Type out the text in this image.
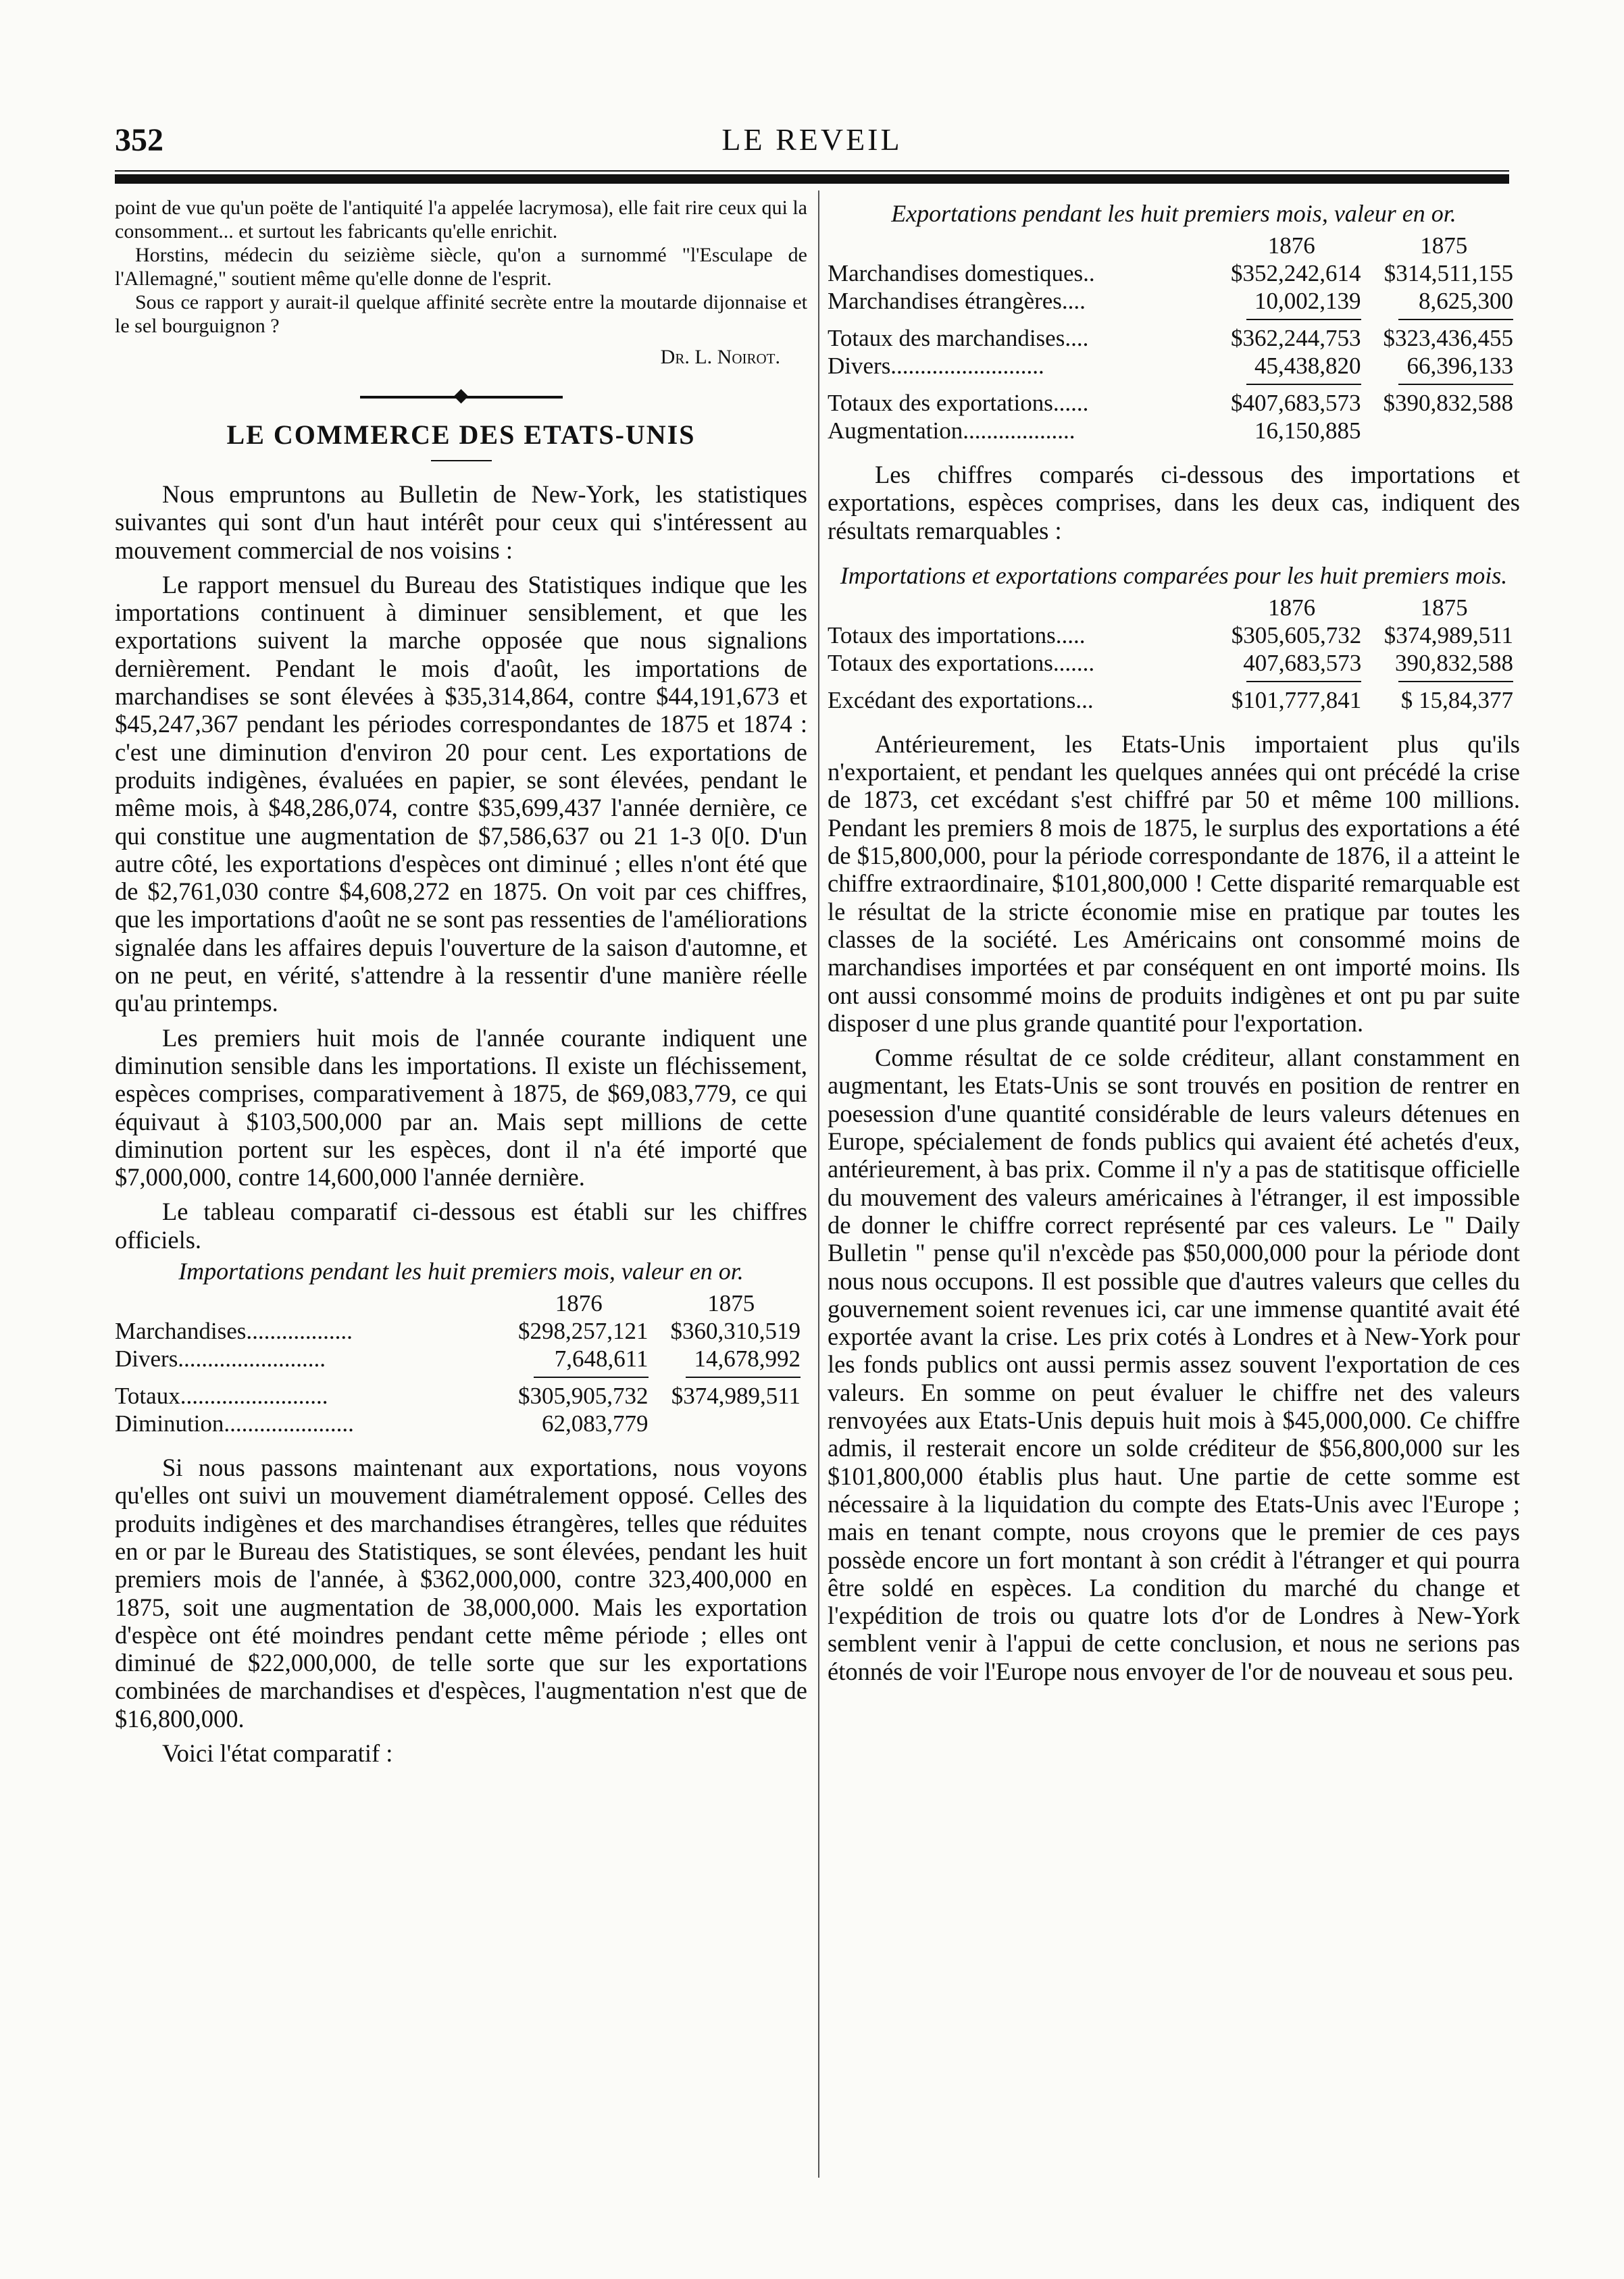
352	LE REVEIL

point de vue qu'un poëte de l'antiquité l'a appelée lacrymosa), elle fait rire ceux qui la consomment... et surtout les fabricants qu'elle enrichit.

Horstins, médecin du seizième siècle, qu'on a surnommé "l'Esculape de l'Allemagné," soutient même qu'elle donne de l'esprit.

Sous ce rapport y aurait-il quelque affinité secrète entre la moutarde dijonnaise et le sel bourguignon ?

Dr. L. Noirot.
◆
LE COMMERCE DES ETATS-UNIS

Nous empruntons au Bulletin de New-York, les statistiques suivantes qui sont d'un haut intérêt pour ceux qui s'intéressent au mouvement commercial de nos voisins :

Le rapport mensuel du Bureau des Statistiques indique que les importations continuent à diminuer sensiblement, et que les exportations suivent la marche opposée que nous signalions dernièrement. Pendant le mois d'août, les importations de marchandises se sont élevées à $35,314,864, contre $44,191,673 et $45,247,367 pendant les périodes correspondantes de 1875 et 1874 : c'est une diminution d'environ 20 pour cent. Les exportations de produits indigènes, évaluées en papier, se sont élevées, pendant le même mois, à $48,286,074, contre $35,699,437 l'année dernière, ce qui constitue une augmentation de $7,586,637 ou 21 1-3 0[0. D'un autre côté, les exportations d'espèces ont diminué ; elles n'ont été que de $2,761,030 contre $4,608,272 en 1875. On voit par ces chiffres, que les importations d'août ne se sont pas ressenties de l'améliorations signalée dans les affaires depuis l'ouverture de la saison d'automne, et on ne peut, en vérité, s'attendre à la ressentir d'une manière réelle qu'au printemps.

Les premiers huit mois de l'année courante indiquent une diminution sensible dans les importations. Il existe un fléchissement, espèces comprises, comparativement à 1875, de $69,083,779, ce qui équivaut à $103,500,000 par an. Mais sept millions de cette diminution portent sur les espèces, dont il n'a été importé que $7,000,000, contre 14,600,000 l'année dernière.

Le tableau comparatif ci-dessous est établi sur les chiffres officiels.

Importations pendant les huit premiers mois, valeur en or.
	1876	1875
Marchandises..................	$298,257,121	$360,310,519
Divers.........................	7,648,611	14,678,992

Totaux.........................	$305,905,732	$374,989,511
Diminution......................	62,083,779	

Si nous passons maintenant aux exportations, nous voyons qu'elles ont suivi un mouvement diamétralement opposé. Celles des produits indigènes et des marchandises étrangères, telles que réduites en or par le Bureau des Statistiques, se sont élevées, pendant les huit premiers mois de l'année, à $362,000,000, contre 323,400,000 en 1875, soit une augmentation de 38,000,000. Mais les exportation d'espèce ont été moindres pendant cette même période ; elles ont diminué de $22,000,000, de telle sorte que sur les exportations combinées de marchandises et d'espèces, l'augmentation n'est que de $16,800,000.

Voici l'état comparatif :

Exportations pendant les huit premiers mois, valeur en or.
	1876	1875
Marchandises domestiques..	$352,242,614	$314,511,155
Marchandises étrangères....	10,002,139	8,625,300

Totaux des marchandises....	$362,244,753	$323,436,455
Divers..........................	45,438,820	66,396,133

Totaux des exportations......	$407,683,573	$390,832,588
Augmentation...................	16,150,885	

Les chiffres comparés ci-dessous des importations et exportations, espèces comprises, dans les deux cas, indiquent des résultats remarquables :

Importations et exportations comparées pour les huit premiers mois.
	1876	1875
Totaux des importations.....	$305,605,732	$374,989,511
Totaux des exportations.......	407,683,573	390,832,588

Excédant des exportations...	$101,777,841	$ 15,84,377

Antérieurement, les Etats-Unis importaient plus qu'ils n'exportaient, et pendant les quelques années qui ont précédé la crise de 1873, cet excédant s'est chiffré par 50 et même 100 millions. Pendant les premiers 8 mois de 1875, le surplus des exportations a été de $15,800,000, pour la période correspondante de 1876, il a atteint le chiffre extraordinaire, $101,800,000 ! Cette disparité remarquable est le résultat de la stricte économie mise en pratique par toutes les classes de la société. Les Américains ont consommé moins de marchandises importées et par conséquent en ont importé moins. Ils ont aussi consommé moins de produits indigènes et ont pu par suite disposer d une plus grande quantité pour l'exportation.

Comme résultat de ce solde créditeur, allant constamment en augmentant, les Etats-Unis se sont trouvés en position de rentrer en poesession d'une quantité considérable de leurs valeurs détenues en Europe, spécialement de fonds publics qui avaient été achetés d'eux, antérieurement, à bas prix. Comme il n'y a pas de statitisque officielle du mouvement des valeurs américaines à l'étranger, il est impossible de donner le chiffre correct représenté par ces valeurs. Le " Daily Bulletin " pense qu'il n'excède pas $50,000,000 pour la période dont nous nous occupons. Il est possible que d'autres valeurs que celles du gouvernement soient revenues ici, car une immense quantité avait été exportée avant la crise. Les prix cotés à Londres et à New-York pour les fonds publics ont aussi permis assez souvent l'exportation de ces valeurs. En somme on peut évaluer le chiffre net des valeurs renvoyées aux Etats-Unis depuis huit mois à $45,000,000. Ce chiffre admis, il resterait encore un solde créditeur de $56,800,000 sur les $101,800,000 établis plus haut. Une partie de cette somme est nécessaire à la liquidation du compte des Etats-Unis avec l'Europe ; mais en tenant compte, nous croyons que le premier de ces pays possède encore un fort montant à son crédit à l'étranger et qui pourra être soldé en espèces. La condition du marché du change et l'expédition de trois ou quatre lots d'or de Londres à New-York semblent venir à l'appui de cette conclusion, et nous ne serions pas étonnés de voir l'Europe nous envoyer de l'or de nouveau et sous peu.
